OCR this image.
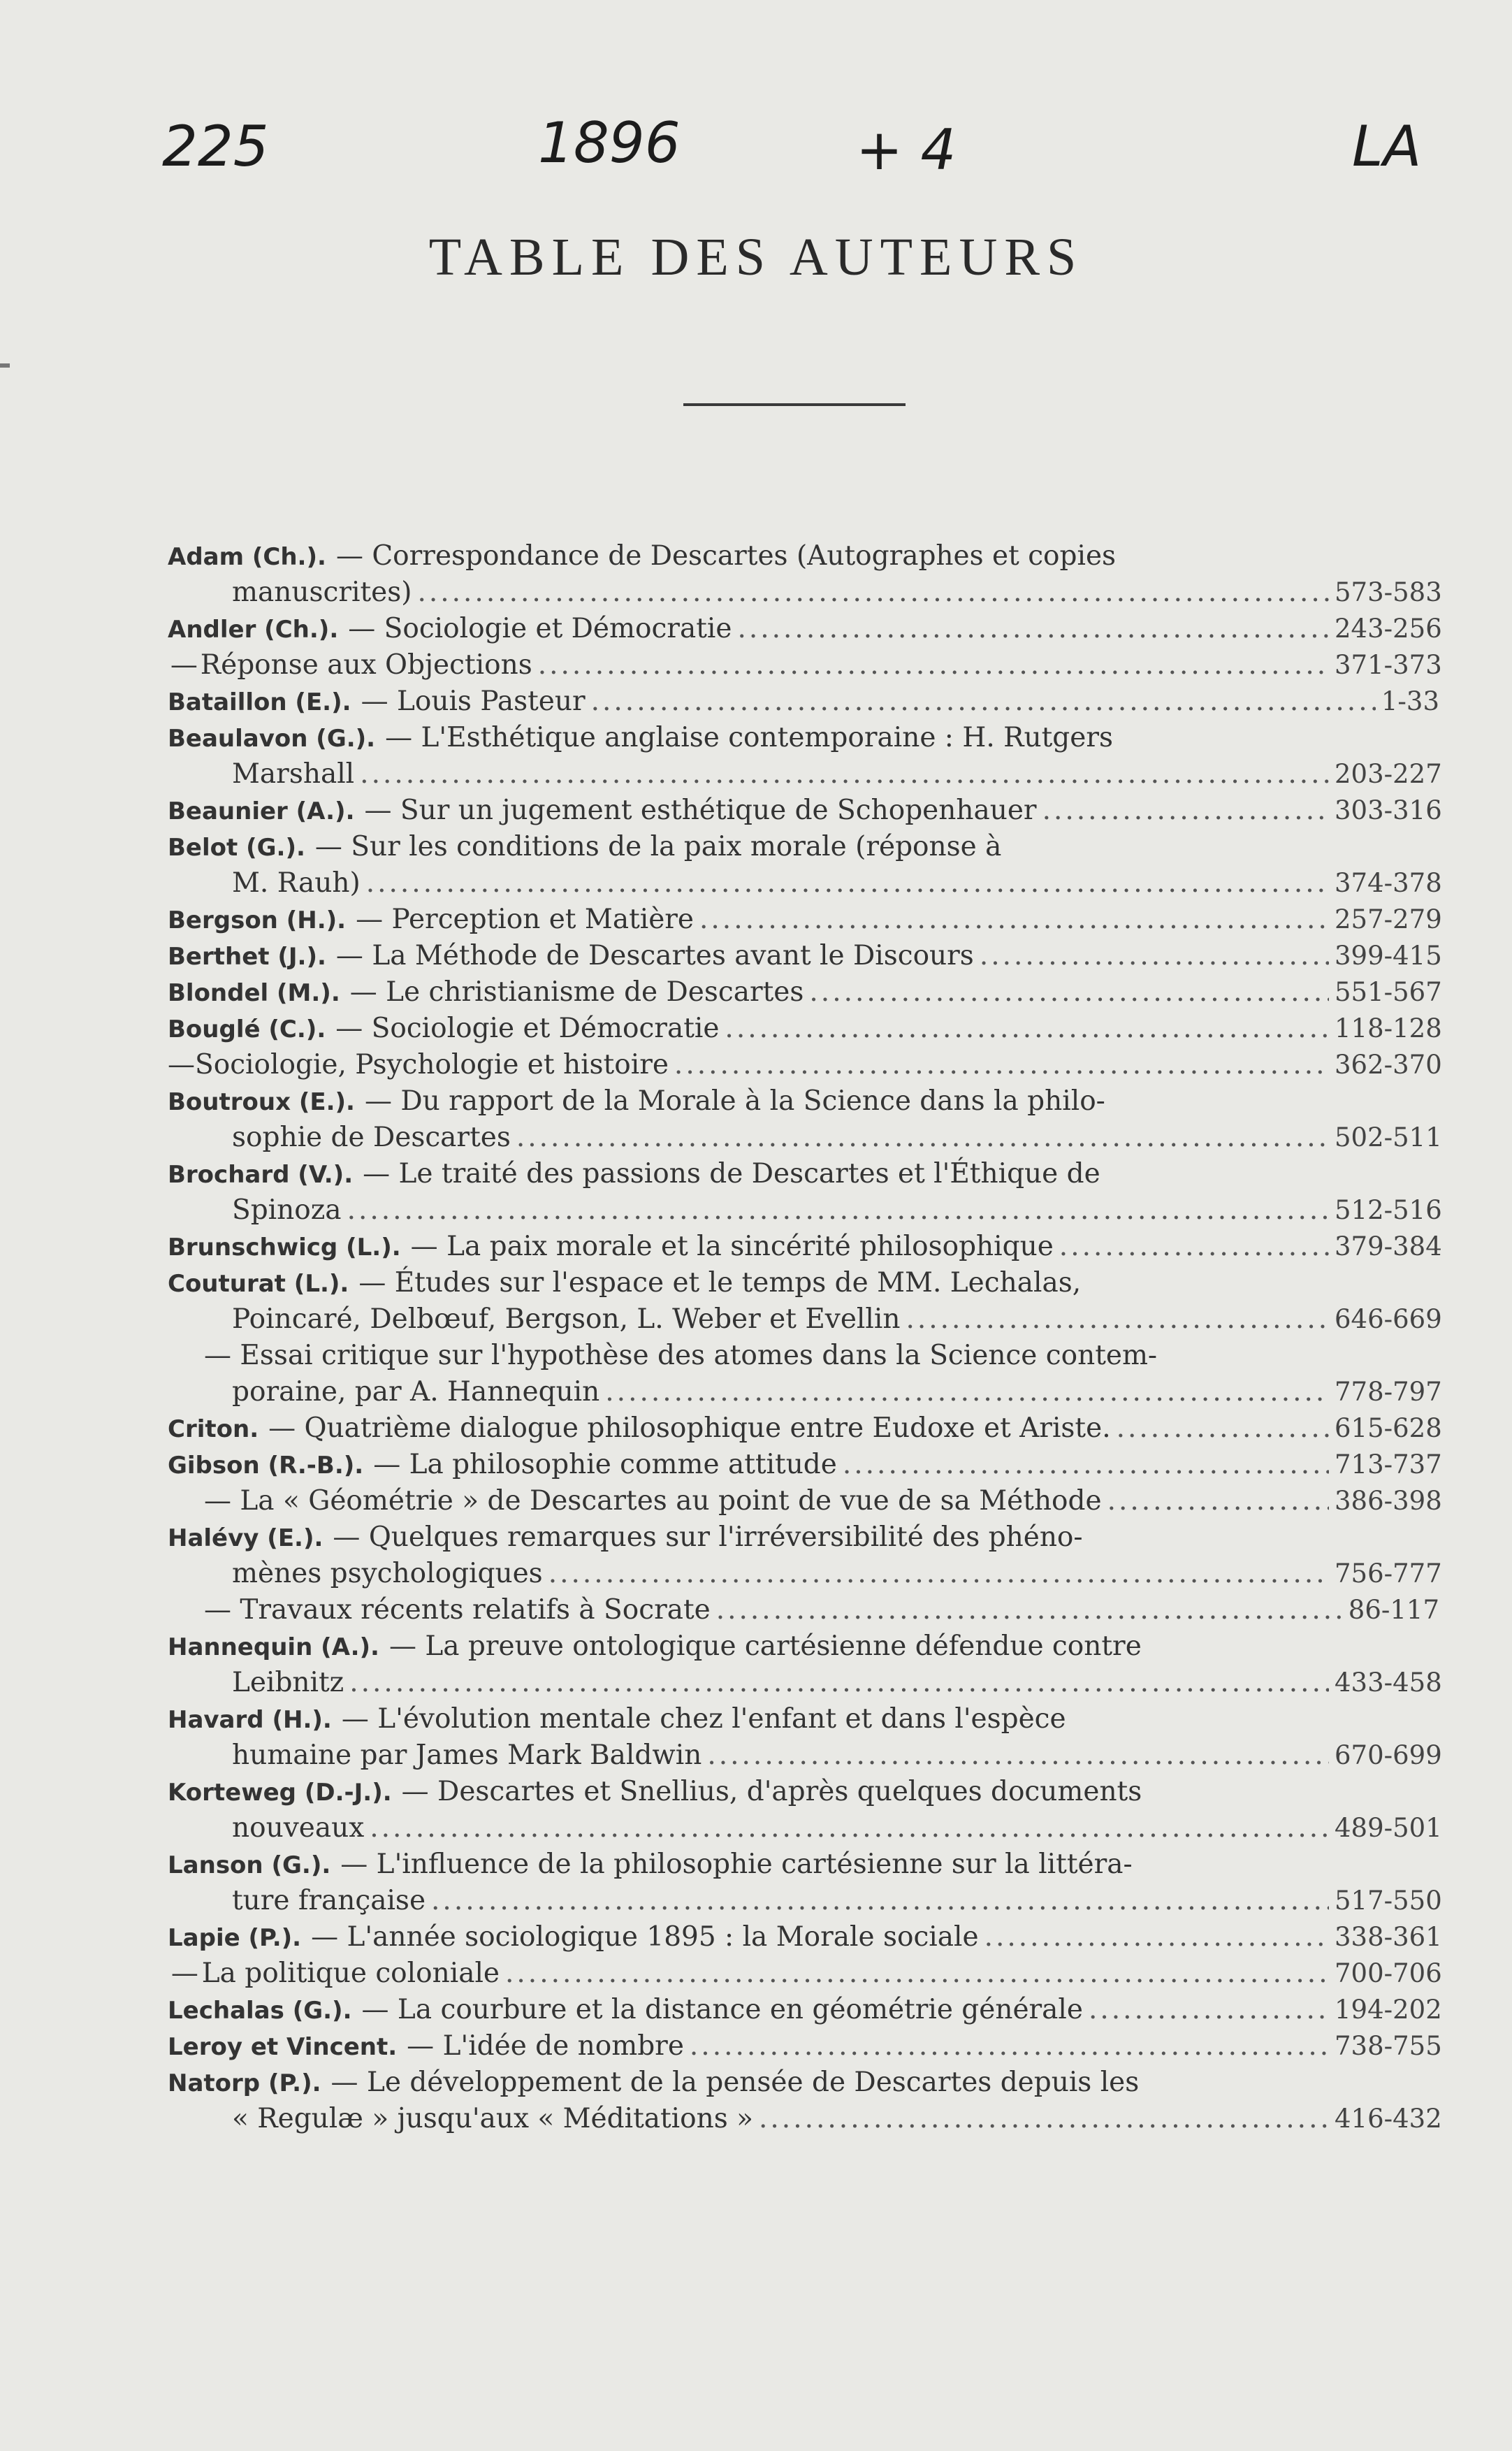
225	1896	+ 4	LA
TABLE DES AUTEURS
Adam (Ch.). — Correspondance de Descartes (Autographes et copies
manuscrites) .....	573-583
Andler (Ch.). — Sociologie et Démocratie .....	243-256
— Réponse aux Objections .....	371-373
Bataillon (E.). — Louis Pasteur .....	1-33
Beaulavon (G.). — L'Esthétique anglaise contemporaine : H. Rutgers
Marshall .....	203-227
Beaunier (A.). — Sur un jugement esthétique de Schopenhauer .....	303-316
Belot (G.). — Sur les conditions de la paix morale (réponse à
M. Rauh) .....	374-378
Bergson (H.). — Perception et Matière .....	257-279
Berthet (J.). — La Méthode de Descartes avant le Discours .....	399-415
Blondel (M.). — Le christianisme de Descartes .....	551-567
Bouglé (C.). — Sociologie et Démocratie .....	118-128
— Sociologie, Psychologie et histoire .....	362-370
Boutroux (E.). — Du rapport de la Morale à la Science dans la philo-
sophie de Descartes .....	502-511
Brochard (V.). — Le traité des passions de Descartes et l'Éthique de
Spinoza .....	512-516
Brunschwicg (L.). — La paix morale et la sincérité philosophique .....	379-384
Couturat (L.). — Études sur l'espace et le temps de MM. Lechalas,
Poincaré, Delbœuf, Bergson, L. Weber et Evellin .....	646-669
— Essai critique sur l'hypothèse des atomes dans la Science contem-
poraine, par A. Hannequin .....	778-797
Criton. — Quatrième dialogue philosophique entre Eudoxe et Ariste. .....	615-628
Gibson (R.-B.). — La philosophie comme attitude .....	713-737
— La « Géométrie » de Descartes au point de vue de sa Méthode .....	386-398
Halévy (E.). — Quelques remarques sur l'irréversibilité des phéno-
mènes psychologiques .....	756-777
— Travaux récents relatifs à Socrate .....	86-117
Hannequin (A.). — La preuve ontologique cartésienne défendue contre
Leibnitz .....	433-458
Havard (H.). — L'évolution mentale chez l'enfant et dans l'espèce
humaine par James Mark Baldwin .....	670-699
Korteweg (D.-J.). — Descartes et Snellius, d'après quelques documents
nouveaux .....	489-501
Lanson (G.). — L'influence de la philosophie cartésienne sur la littéra-
ture française .....	517-550
Lapie (P.). — L'année sociologique 1895 : la Morale sociale .....	338-361
— La politique coloniale .....	700-706
Lechalas (G.). — La courbure et la distance en géométrie générale .....	194-202
Leroy et Vincent. — L'idée de nombre .....	738-755
Natorp (P.). — Le développement de la pensée de Descartes depuis les
« Regulæ » jusqu'aux « Méditations » .....	416-432
